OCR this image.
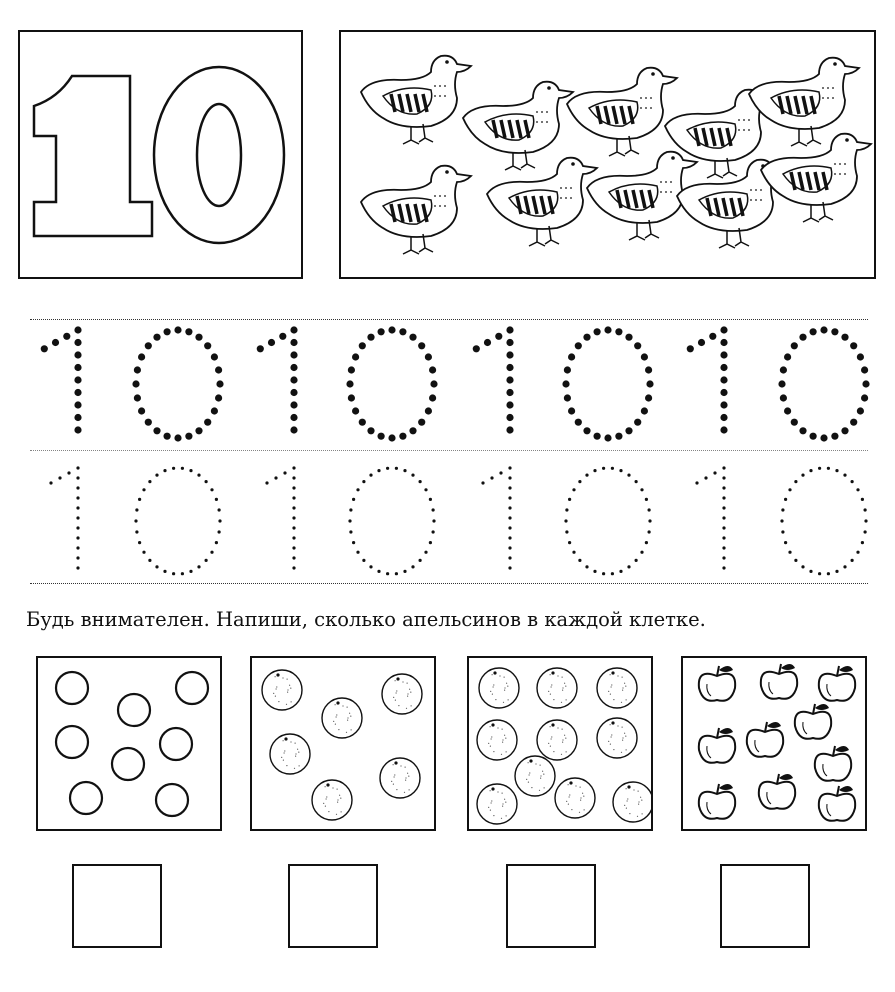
Будь внимателен. Напиши, сколько апельсинов в каждой клетке.
